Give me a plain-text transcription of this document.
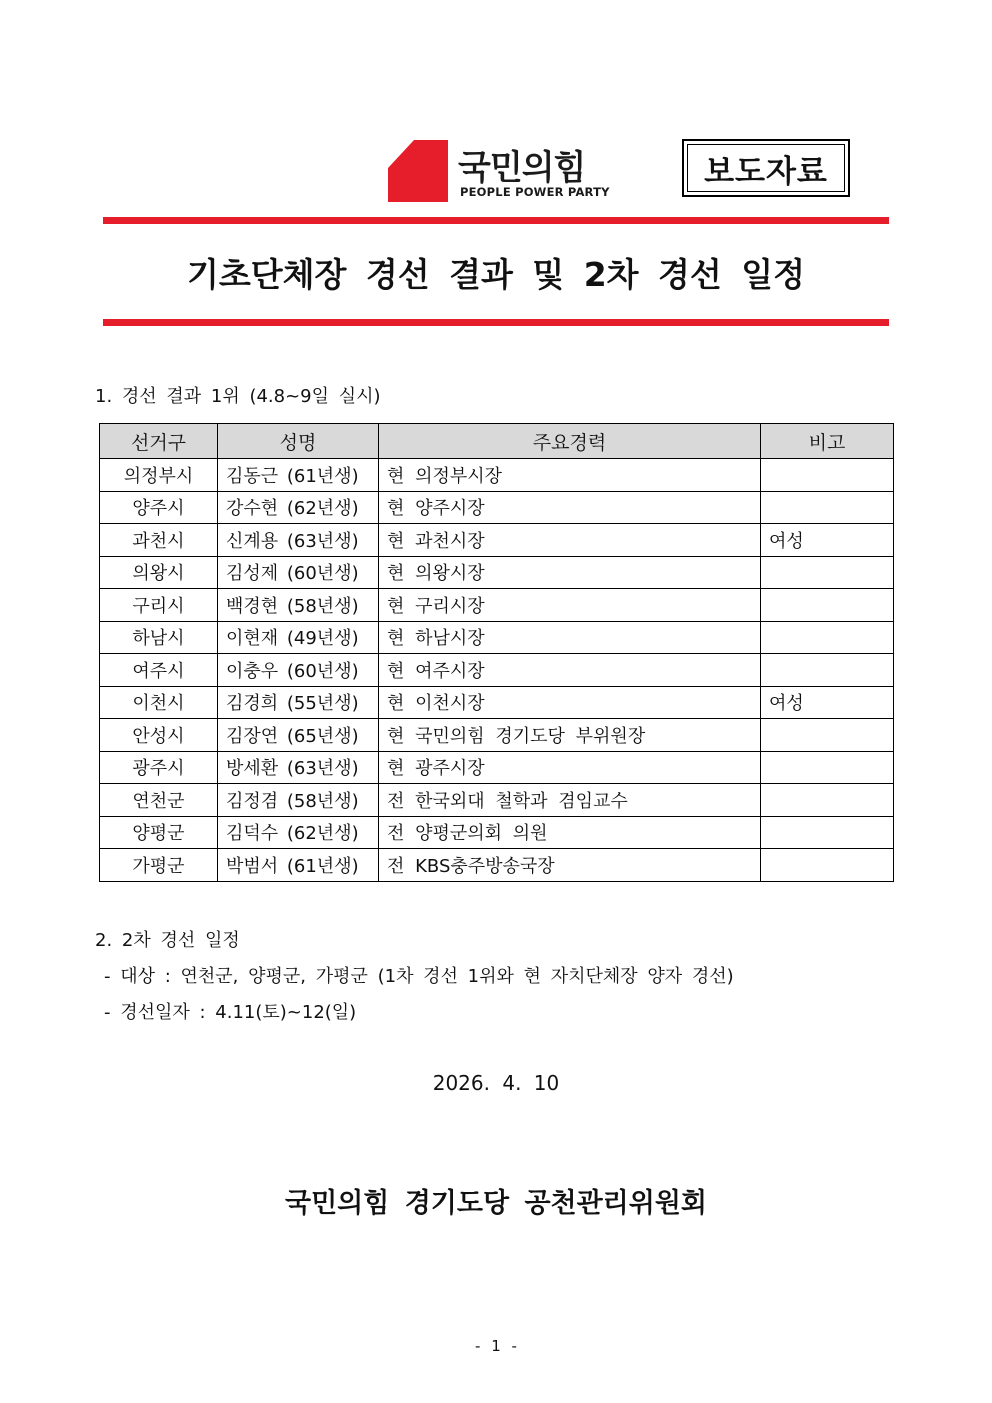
국민의힘
PEOPLE POWER PARTY
보도자료
기초단체장 경선 결과 및 2차 경선 일정
1. 경선 결과 1위 (4.8~9일 실시)
선거구	성명	주요경력	비고
의정부시	김동근 (61년생)	현 의정부시장	
양주시	강수현 (62년생)	현 양주시장	
과천시	신계용 (63년생)	현 과천시장	여성
의왕시	김성제 (60년생)	현 의왕시장	
구리시	백경현 (58년생)	현 구리시장	
하남시	이현재 (49년생)	현 하남시장	
여주시	이충우 (60년생)	현 여주시장	
이천시	김경희 (55년생)	현 이천시장	여성
안성시	김장연 (65년생)	현 국민의힘 경기도당 부위원장	
광주시	방세환 (63년생)	현 광주시장	
연천군	김정겸 (58년생)	전 한국외대 철학과 겸임교수	
양평군	김덕수 (62년생)	전 양평군의회 의원	
가평군	박범서 (61년생)	전 KBS충주방송국장	
2. 2차 경선 일정
- 대상 : 연천군, 양평군, 가평군 (1차 경선 1위와 현 자치단체장 양자 경선)
- 경선일자 : 4.11(토)~12(일)
2026. 4. 10
국민의힘 경기도당 공천관리위원회
- 1 -
